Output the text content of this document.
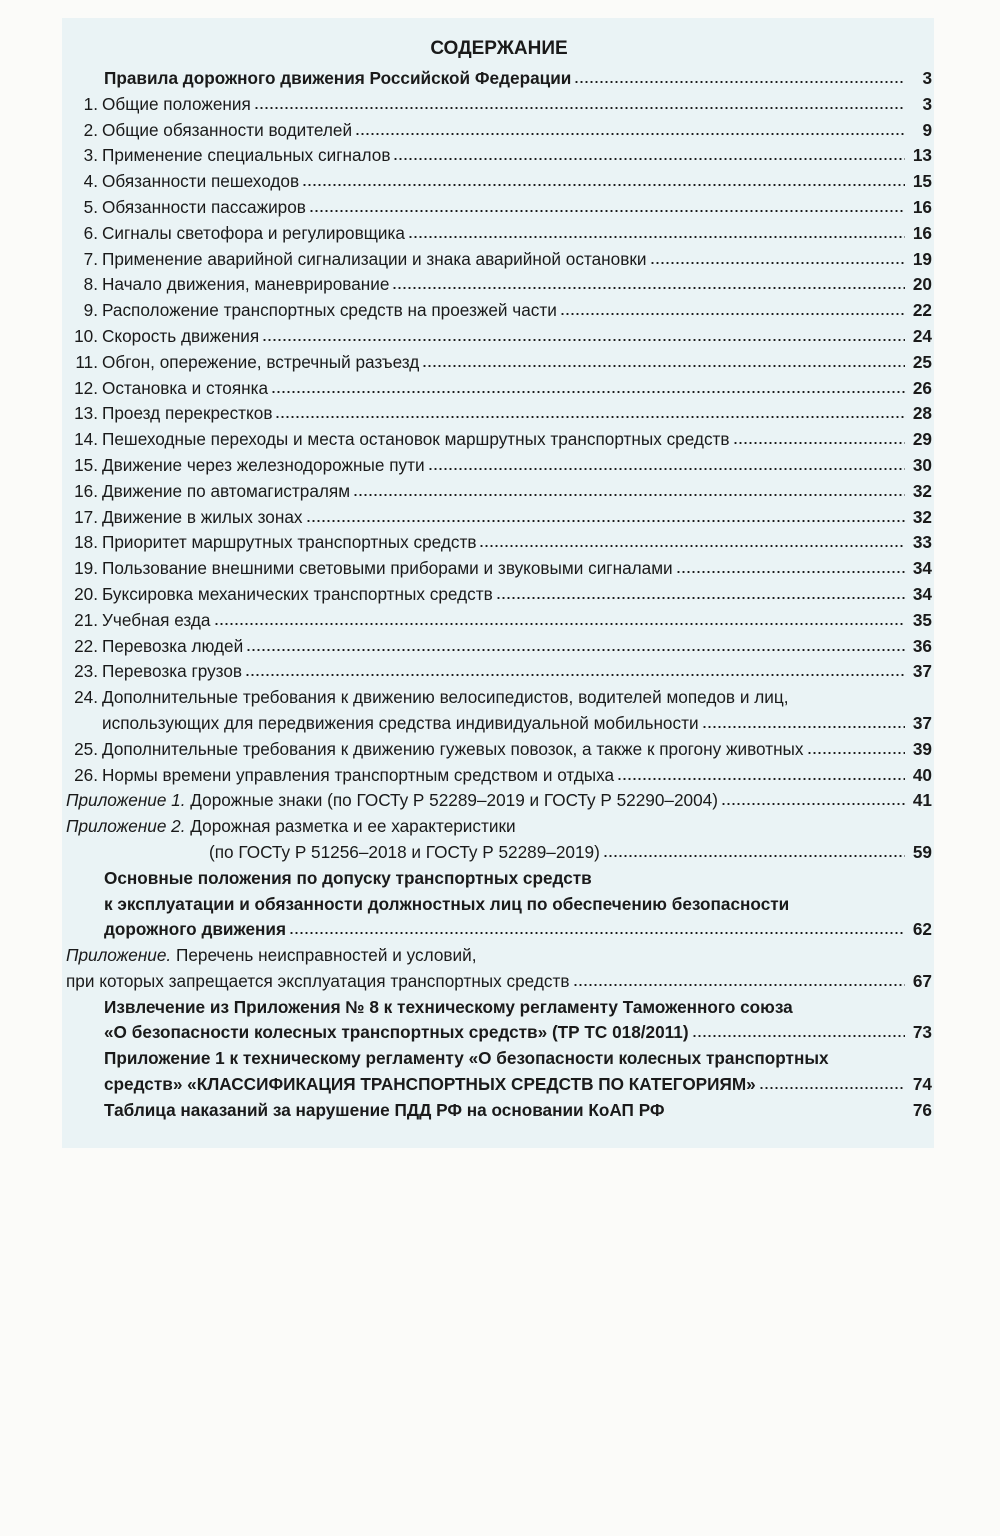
СОДЕРЖАНИЕ
Правила дорожного движения Российской Федерации	3
1. Общие положения	3
2. Общие обязанности водителей	9
3. Применение специальных сигналов	13
4. Обязанности пешеходов	15
5. Обязанности пассажиров	16
6. Сигналы светофора и регулировщика	16
7. Применение аварийной сигнализации и знака аварийной остановки	19
8. Начало движения, маневрирование	20
9. Расположение транспортных средств на проезжей части	22
10. Скорость движения	24
11. Обгон, опережение, встречный разъезд	25
12. Остановка и стоянка	26
13. Проезд перекрестков	28
14. Пешеходные переходы и места остановок маршрутных транспортных средств	29
15. Движение через железнодорожные пути	30
16. Движение по автомагистралям	32
17. Движение в жилых зонах	32
18. Приоритет маршрутных транспортных средств	33
19. Пользование внешними световыми приборами и звуковыми сигналами	34
20. Буксировка механических транспортных средств	34
21. Учебная езда	35
22. Перевозка людей	36
23. Перевозка грузов	37
24. Дополнительные требования к движению велосипедистов, водителей мопедов и лиц,
использующих для передвижения средства индивидуальной мобильности	37
25. Дополнительные требования к движению гужевых повозок, а также к прогону животных	39
26. Нормы времени управления транспортным средством и отдыха	40
Приложение 1. Дорожные знаки (по ГОСТу Р 52289–2019 и ГОСТу Р 52290–2004)	41
Приложение 2. Дорожная разметка и ее характеристики
(по ГОСТу Р 51256–2018 и ГОСТу Р 52289–2019)	59
Основные положения по допуску транспортных средств
к эксплуатации и обязанности должностных лиц по обеспечению безопасности
дорожного движения	62
Приложение. Перечень неисправностей и условий,
при которых запрещается эксплуатация транспортных средств	67
Извлечение из Приложения № 8 к техническому регламенту Таможенного союза
«О безопасности колесных транспортных средств» (ТР ТС 018/2011)	73
Приложение 1 к техническому регламенту «О безопасности колесных транспортных
средств» «КЛАССИФИКАЦИЯ ТРАНСПОРТНЫХ СРЕДСТВ ПО КАТЕГОРИЯМ»	74
Таблица наказаний за нарушение ПДД РФ на основании КоАП РФ	76
